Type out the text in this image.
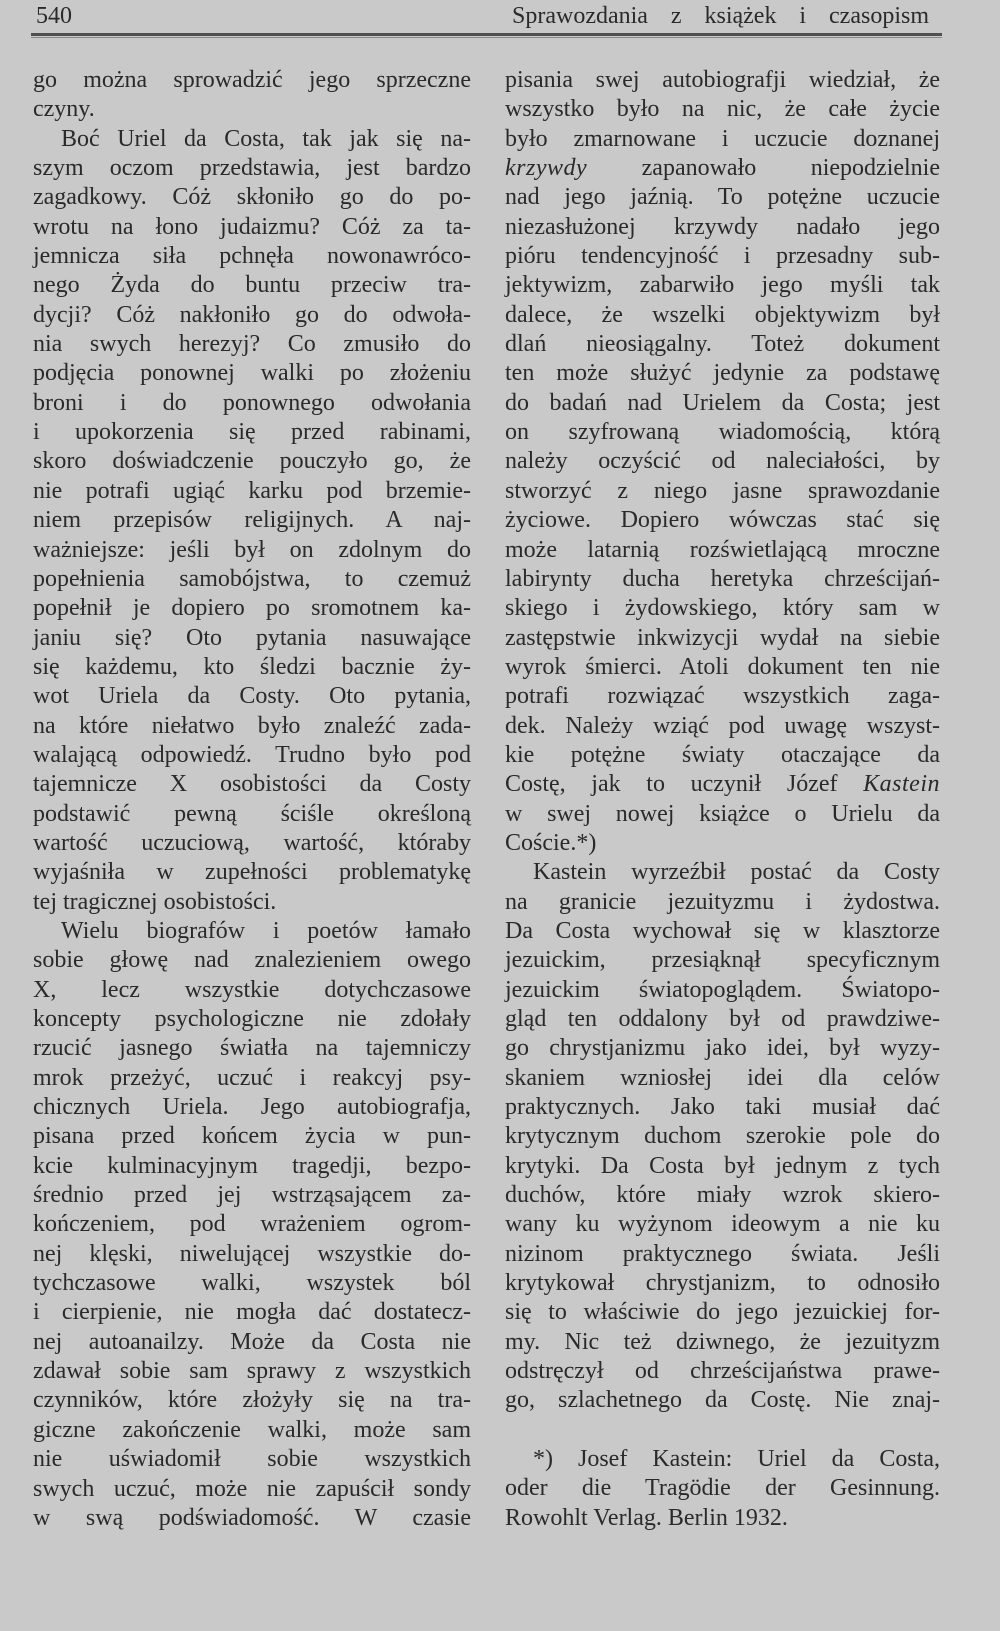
540	Sprawozdania z książek i czasopism
go można sprowadzić jego sprzeczne
czyny.
Boć Uriel da Costa, tak jak się na-
szym oczom przedstawia, jest bardzo
zagadkowy. Cóż skłoniło go do po-
wrotu na łono judaizmu? Cóż za ta-
jemnicza siła pchnęła nowonawróco-
nego Żyda do buntu przeciw tra-
dycji? Cóż nakłoniło go do odwoła-
nia swych herezyj? Co zmusiło do
podjęcia ponownej walki po złożeniu
broni i do ponownego odwołania
i upokorzenia się przed rabinami,
skoro doświadczenie pouczyło go, że
nie potrafi ugiąć karku pod brzemie-
niem przepisów religijnych. A naj-
ważniejsze: jeśli był on zdolnym do
popełnienia samobójstwa, to czemuż
popełnił je dopiero po sromotnem ka-
janiu się? Oto pytania nasuwające
się każdemu, kto śledzi bacznie ży-
wot Uriela da Costy. Oto pytania,
na które niełatwo było znaleźć zada-
walającą odpowiedź. Trudno było pod
tajemnicze X osobistości da Costy
podstawić pewną ściśle określoną
wartość uczuciową, wartość, któraby
wyjaśniła w zupełności problematykę
tej tragicznej osobistości.
Wielu biografów i poetów łamało
sobie głowę nad znalezieniem owego
X, lecz wszystkie dotychczasowe
koncepty psychologiczne nie zdołały
rzucić jasnego światła na tajemniczy
mrok przeżyć, uczuć i reakcyj psy-
chicznych Uriela. Jego autobiografja,
pisana przed końcem życia w pun-
kcie kulminacyjnym tragedji, bezpo-
średnio przed jej wstrząsającem za-
kończeniem, pod wrażeniem ogrom-
nej klęski, niwelującej wszystkie do-
tychczasowe walki, wszystek ból
i cierpienie, nie mogła dać dostatecz-
nej autoanailzy. Może da Costa nie
zdawał sobie sam sprawy z wszystkich
czynników, które złożyły się na tra-
giczne zakończenie walki, może sam
nie uświadomił sobie wszystkich
swych uczuć, może nie zapuścił sondy
w swą podświadomość. W czasie
pisania swej autobiografji wiedział, że
wszystko było na nic, że całe życie
było zmarnowane i uczucie doznanej
krzywdy zapanowało niepodzielnie
nad jego jaźnią. To potężne uczucie
niezasłużonej krzywdy nadało jego
pióru tendencyjność i przesadny sub-
jektywizm, zabarwiło jego myśli tak
dalece, że wszelki objektywizm był
dlań nieosiągalny. Toteż dokument
ten może służyć jedynie za podstawę
do badań nad Urielem da Costa; jest
on szyfrowaną wiadomością, którą
należy oczyścić od naleciałości, by
stworzyć z niego jasne sprawozdanie
życiowe. Dopiero wówczas stać się
może latarnią rozświetlającą mroczne
labirynty ducha heretyka chrześcijań-
skiego i żydowskiego, który sam w
zastępstwie inkwizycji wydał na siebie
wyrok śmierci. Atoli dokument ten nie
potrafi rozwiązać wszystkich zaga-
dek. Należy wziąć pod uwagę wszyst-
kie potężne światy otaczające da
Costę, jak to uczynił Józef Kastein
w swej nowej książce o Urielu da
Coście.*)
Kastein wyrzeźbił postać da Costy
na granicie jezuityzmu i żydostwa.
Da Costa wychował się w klasztorze
jezuickim, przesiąknął specyficznym
jezuickim światopoglądem. Światopo-
gląd ten oddalony był od prawdziwe-
go chrystjanizmu jako idei, był wyzy-
skaniem wzniosłej idei dla celów
praktycznych. Jako taki musiał dać
krytycznym duchom szerokie pole do
krytyki. Da Costa był jednym z tych
duchów, które miały wzrok skiero-
wany ku wyżynom ideowym a nie ku
nizinom praktycznego świata. Jeśli
krytykował chrystjanizm, to odnosiło
się to właściwie do jego jezuickiej for-
my. Nic też dziwnego, że jezuityzm
odstręczył od chrześcijaństwa prawe-
go, szlachetnego da Costę. Nie znaj-
*) Josef Kastein: Uriel da Costa,
oder die Tragödie der Gesinnung.
Rowohlt Verlag. Berlin 1932.
